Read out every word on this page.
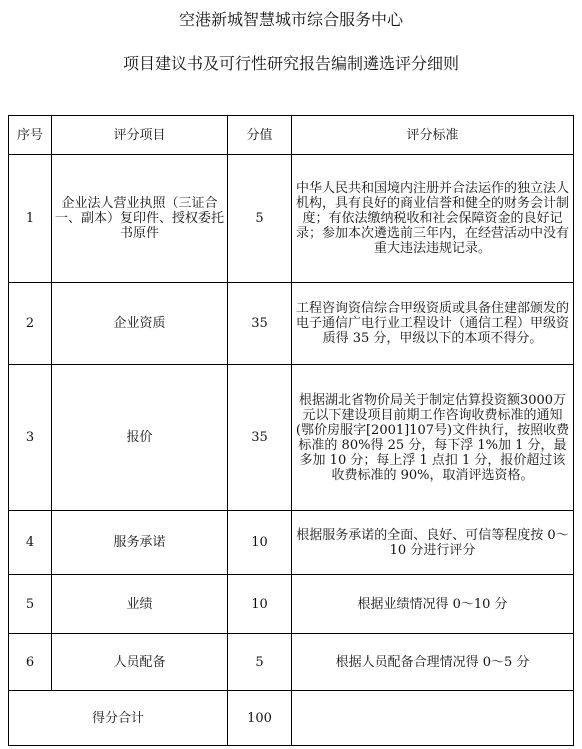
空港新城智慧城市综合服务中心
项目建议书及可行性研究报告编制遴选评分细则
序号	评分项目	分值	评分标准
1	企业法人营业执照（三证合一、副本）复印件、授权委托书原件	5	中华人民共和国境内注册并合法运作的独立法人机构，具有良好的商业信誉和健全的财务会计制度；有依法缴纳税收和社会保障资金的良好记录；参加本次遴选前三年内，在经营活动中没有重大违法违规记录。
2	企业资质	35	工程咨询资信综合甲级资质或具备住建部颁发的电子通信广电行业工程设计（通信工程）甲级资质得 35 分，甲级以下的本项不得分。
3	报价	35	根据湖北省物价局关于制定估算投资额3000万元以下建设项目前期工作咨询收费标准的通知(鄂价房服字[2001]107号)文件执行，按照收费标准的 80%得 25 分，每下浮 1%加 1 分，最多加 10 分；每上浮 1 点扣 1 分，报价超过该收费标准的 90%，取消评选资格。
4	服务承诺	10	根据服务承诺的全面、良好、可信等程度按 0～10 分进行评分
5	业绩	10	根据业绩情况得 0～10 分
6	人员配备	5	根据人员配备合理情况得 0～5 分
得分合计		100	
